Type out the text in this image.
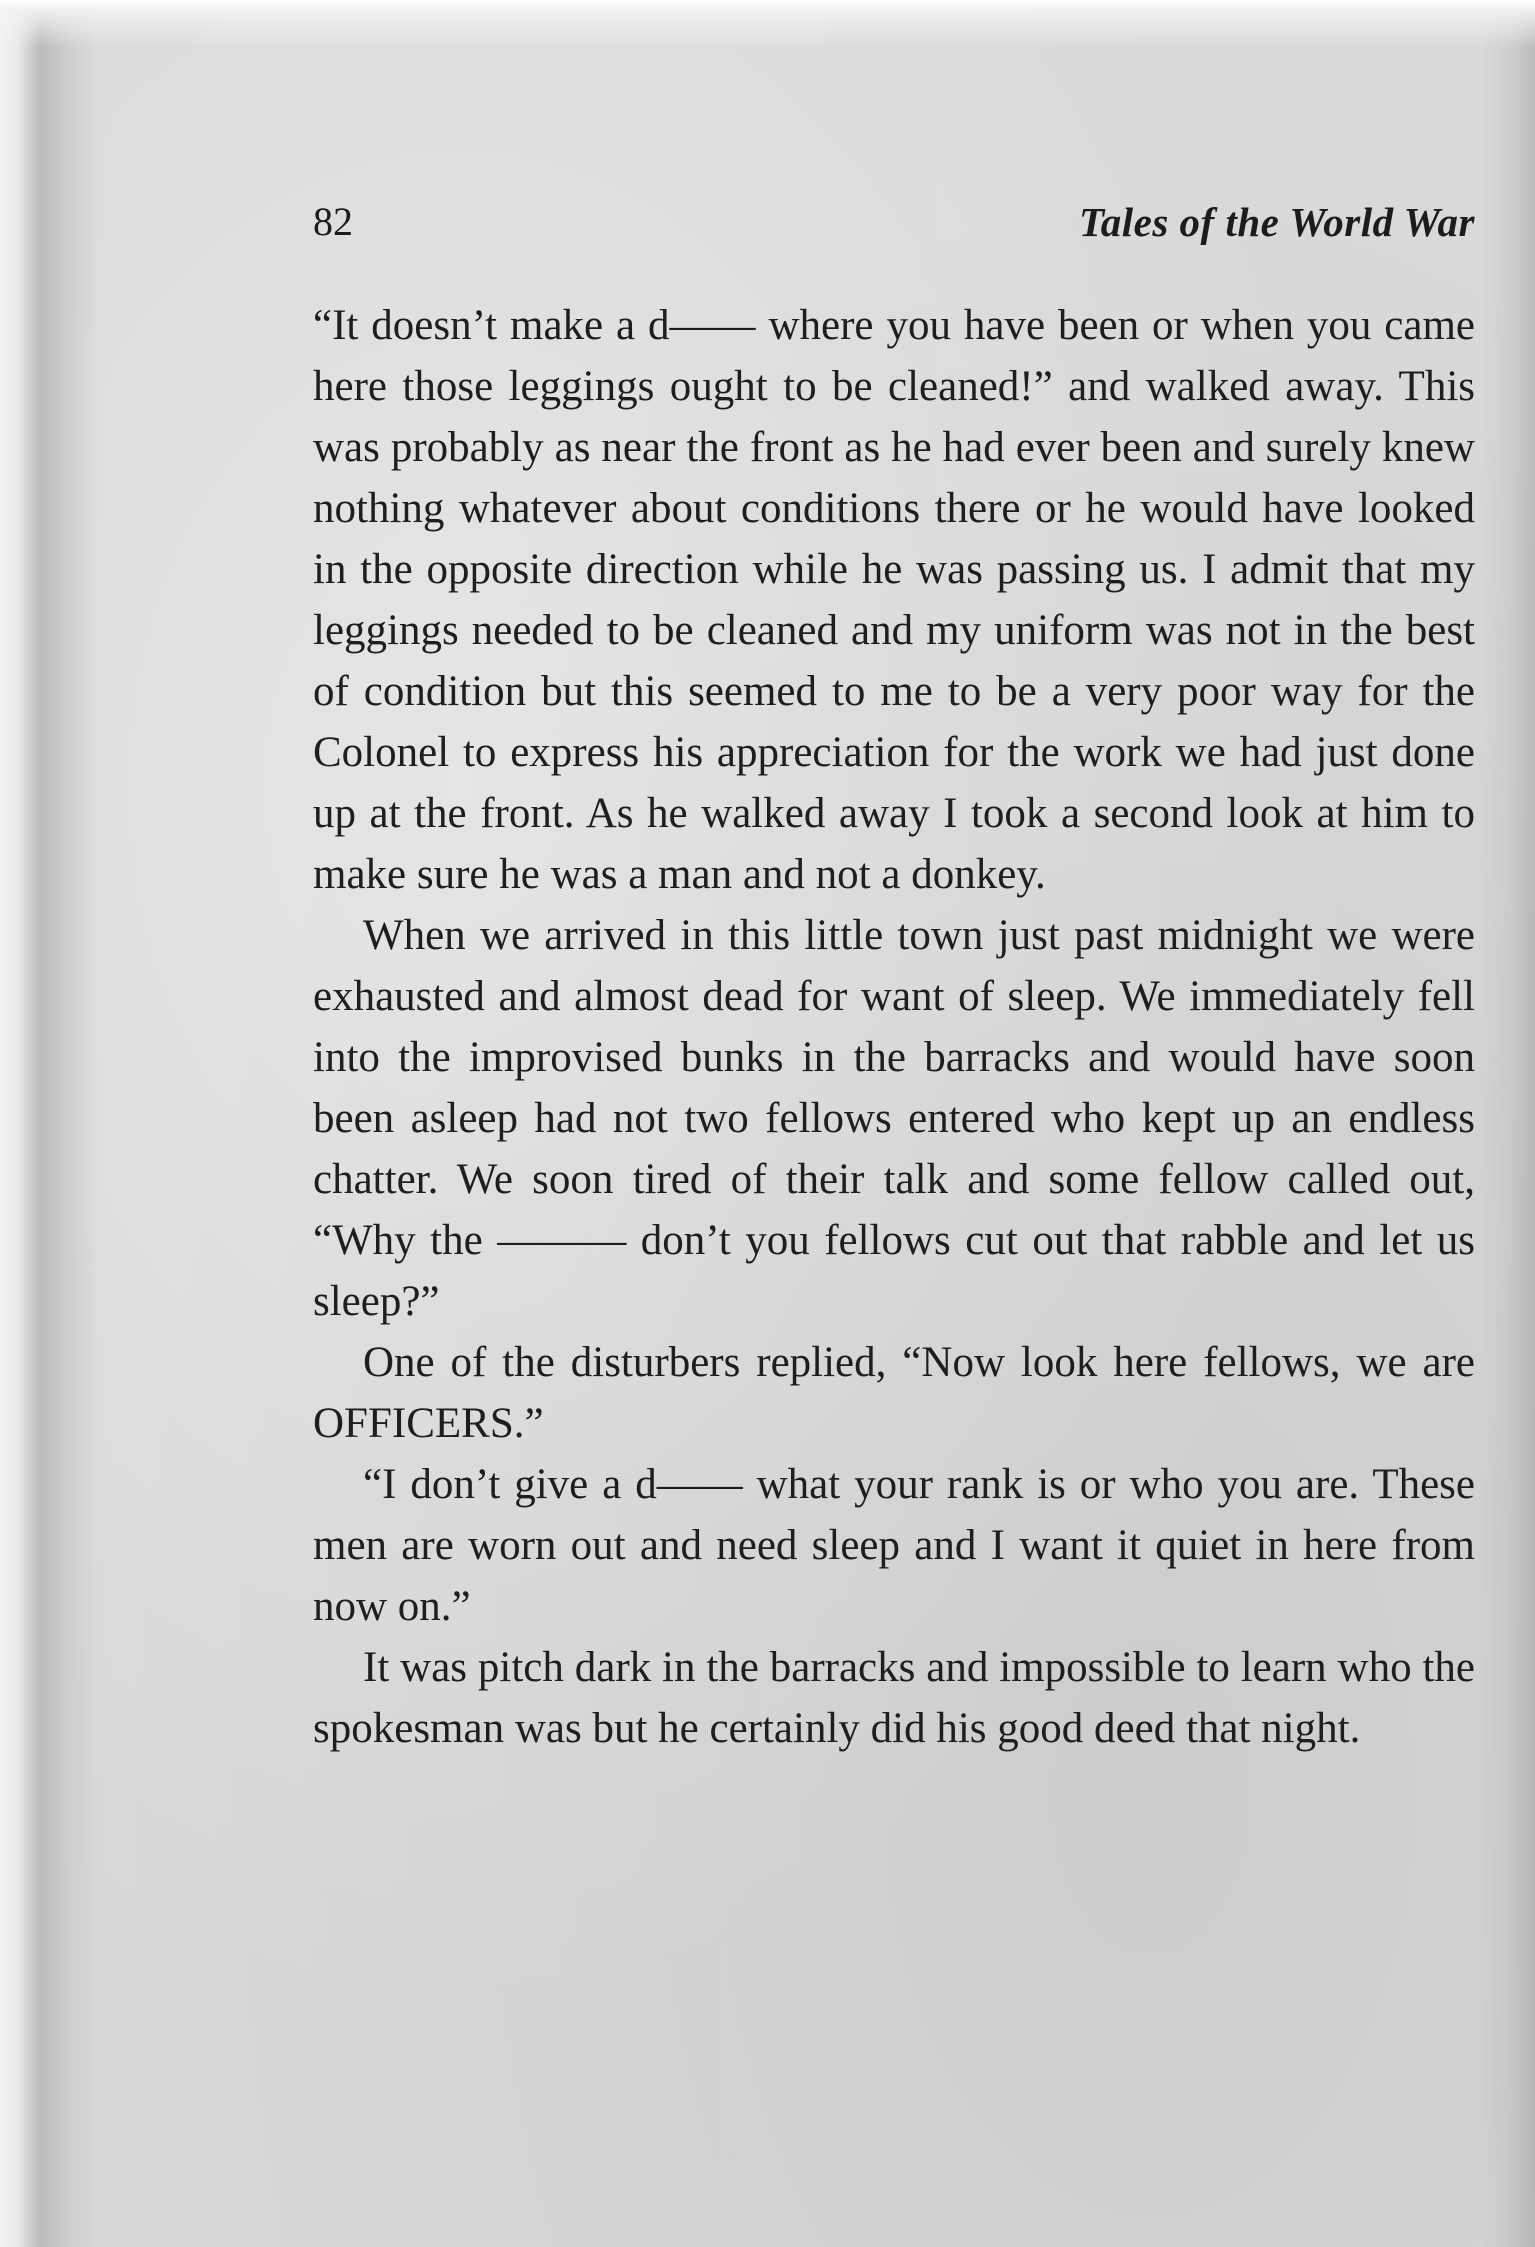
82	Tales of the World War

“It doesn’t make a d—— where you have been or when you came here those leggings ought to be cleaned!” and walked away. This was probably as near the front as he had ever been and surely knew nothing whatever about conditions there or he would have looked in the opposite direction while he was passing us. I admit that my leggings needed to be cleaned and my uniform was not in the best of condition but this seemed to me to be a very poor way for the Colonel to express his appreciation for the work we had just done up at the front. As he walked away I took a second look at him to make sure he was a man and not a donkey.

When we arrived in this little town just past midnight we were exhausted and almost dead for want of sleep. We immediately fell into the improvised bunks in the barracks and would have soon been asleep had not two fellows entered who kept up an endless chatter. We soon tired of their talk and some fellow called out, “Why the ——— don’t you fellows cut out that rabble and let us sleep?”

One of the disturbers replied, “Now look here fellows, we are OFFICERS.”

“I don’t give a d—— what your rank is or who you are. These men are worn out and need sleep and I want it quiet in here from now on.”

It was pitch dark in the barracks and impossible to learn who the spokesman was but he certainly did his good deed that night.
